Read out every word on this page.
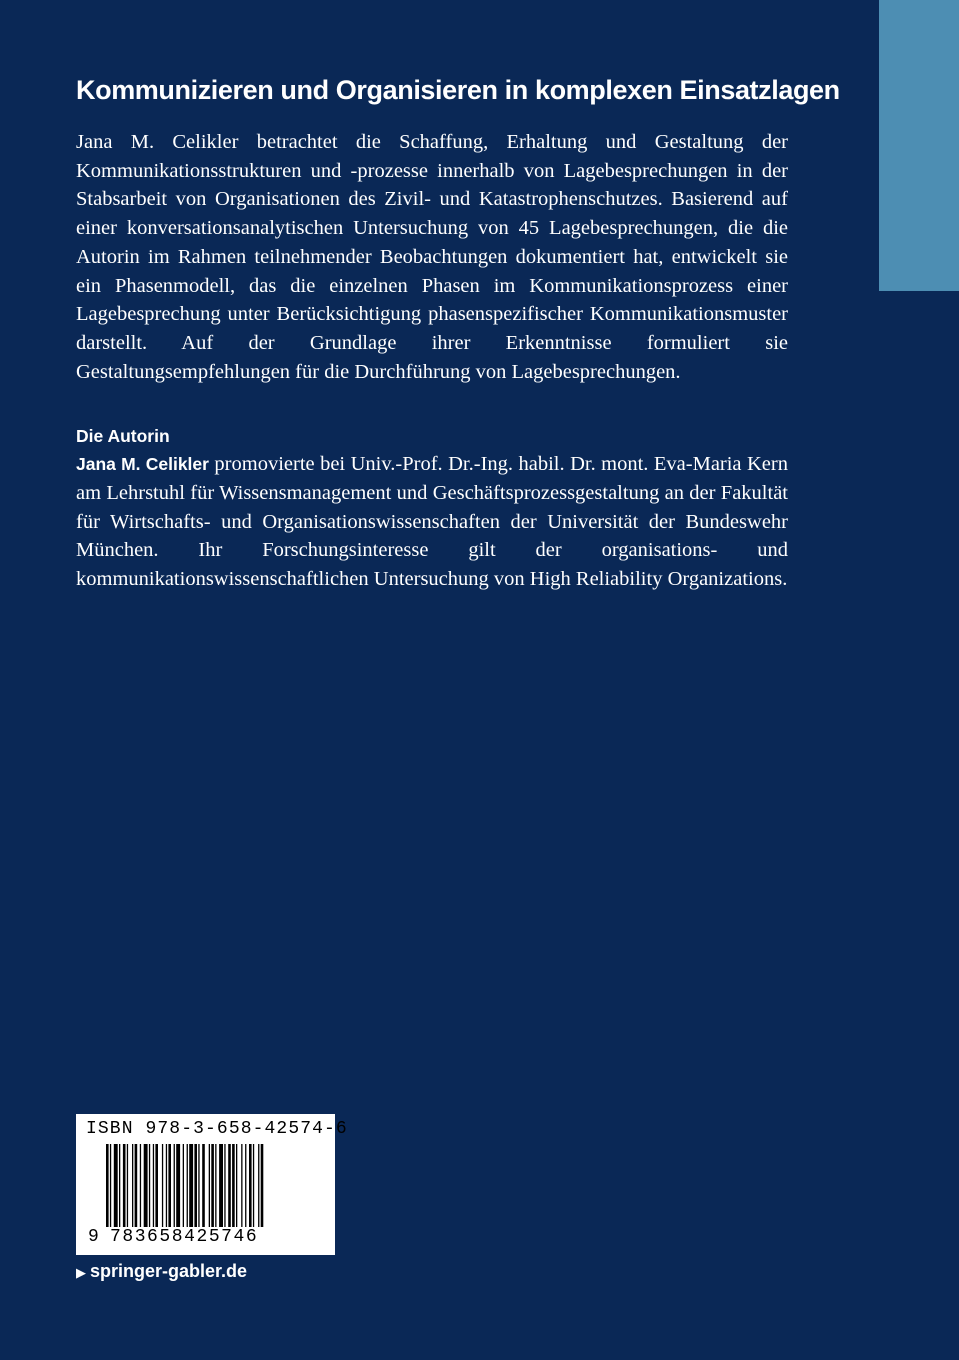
Kommunizieren und Organisieren in komplexen Einsatzlagen

Jana M. Celikler betrachtet die Schaffung, Erhaltung und Gestaltung der Kommunikationsstrukturen und -prozesse innerhalb von Lagebesprechungen in der Stabsarbeit von Organisationen des Zivil- und Katastrophenschutzes. Basierend auf einer konversationsanalytischen Untersuchung von 45 Lagebesprechungen, die die Autorin im Rahmen teilnehmender Beobachtungen dokumentiert hat, entwickelt sie ein Phasenmodell, das die einzelnen Phasen im Kommunikationsprozess einer Lagebesprechung unter Berücksichtigung phasenspezifischer Kommunikationsmuster darstellt. Auf der Grundlage ihrer Erkenntnisse formuliert sie Gestaltungsempfehlungen für die Durchführung von Lagebesprechungen.

Die Autorin

Jana M. Celikler promovierte bei Univ.-Prof. Dr.-Ing. habil. Dr. mont. Eva-Maria Kern am Lehrstuhl für Wissensmanagement und Geschäftsprozessgestaltung an der Fakultät für Wirtschafts- und Organisationswissenschaften der Universität der Bundeswehr München. Ihr Forschungsinteresse gilt der organisations- und kommunikationswissenschaftlichen Untersuchung von High Reliability Organizations.

ISBN 978-3-658-42574-6
9 783658425746
▶ springer-gabler.de
